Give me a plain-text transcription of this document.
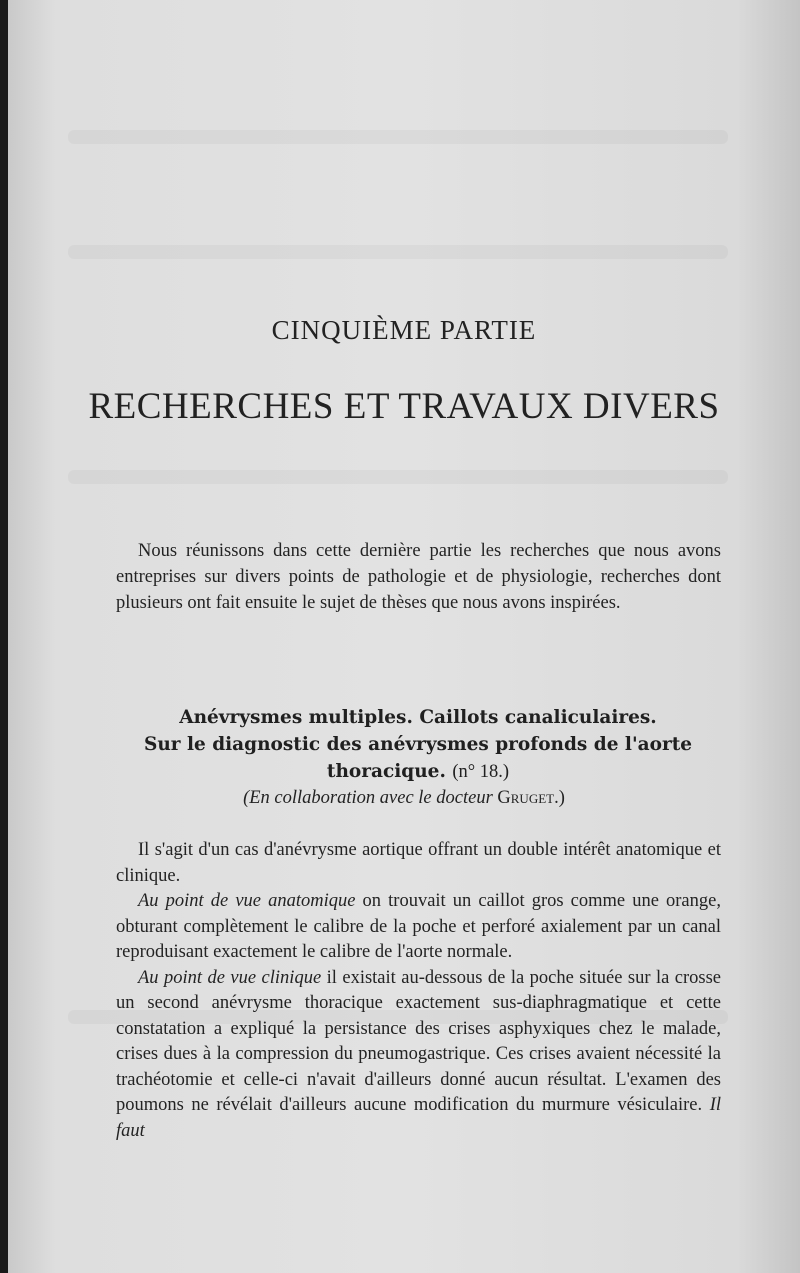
CINQUIÈME PARTIE
RECHERCHES ET TRAVAUX DIVERS

Nous réunissons dans cette dernière partie les recherches que nous avons entreprises sur divers points de pathologie et de physiologie, recherches dont plusieurs ont fait ensuite le sujet de thèses que nous avons inspirées.

Anévrysmes multiples. Caillots canaliculaires.
Sur le diagnostic des anévrysmes profonds de l'aorte
thoracique. (n° 18.)
(En collaboration avec le docteur Gruget.)

Il s'agit d'un cas d'anévrysme aortique offrant un double intérêt anatomique et clinique.

Au point de vue anatomique on trouvait un caillot gros comme une orange, obturant complètement le calibre de la poche et perforé axialement par un canal reproduisant exactement le calibre de l'aorte normale.

Au point de vue clinique il existait au-dessous de la poche située sur la crosse un second anévrysme thoracique exactement sus-diaphragmatique et cette constatation a expliqué la persistance des crises asphyxiques chez le malade, crises dues à la compression du pneumogastrique. Ces crises avaient nécessité la trachéotomie et celle-ci n'avait d'ailleurs donné aucun résultat. L'examen des poumons ne révélait d'ailleurs aucune modification du murmure vésiculaire. Il faut
